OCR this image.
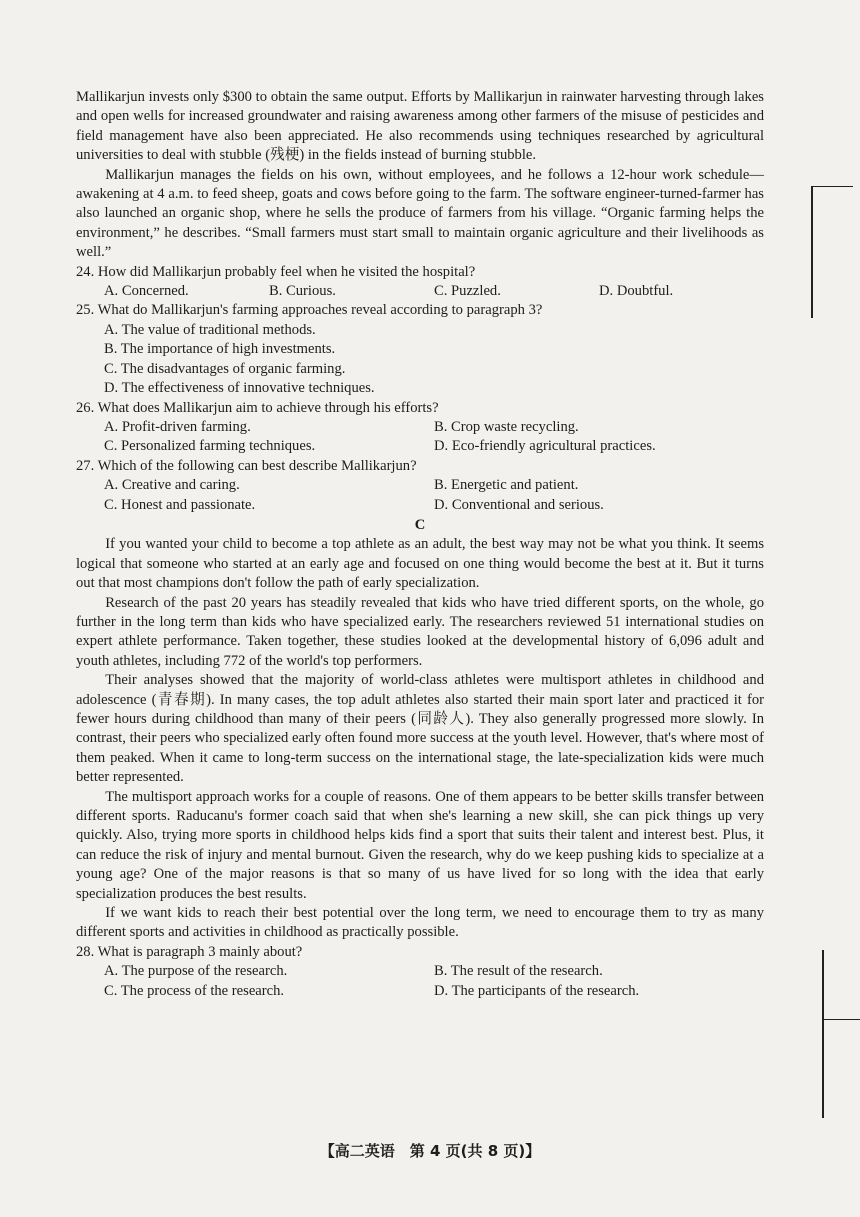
Mallikarjun invests only $300 to obtain the same output. Efforts by Mallikarjun in rainwater harvesting through lakes and open wells for increased groundwater and raising awareness among other farmers of the misuse of pesticides and field management have also been appreciated. He also recommends using techniques researched by agricultural universities to deal with stubble (残梗) in the fields instead of burning stubble.

Mallikarjun manages the fields on his own, without employees, and he follows a 12-hour work schedule—awakening at 4 a.m. to feed sheep, goats and cows before going to the farm. The software engineer-turned-farmer has also launched an organic shop, where he sells the produce of farmers from his village. “Organic farming helps the environment,” he describes. “Small farmers must start small to maintain organic agriculture and their livelihoods as well.”

24. How did Mallikarjun probably feel when he visited the hospital?
A. Concerned.	B. Curious.	C. Puzzled.	D. Doubtful.
25. What do Mallikarjun's farming approaches reveal according to paragraph 3?
A. The value of traditional methods.
B. The importance of high investments.
C. The disadvantages of organic farming.
D. The effectiveness of innovative techniques.
26. What does Mallikarjun aim to achieve through his efforts?
A. Profit-driven farming.	B. Crop waste recycling.
C. Personalized farming techniques.	D. Eco-friendly agricultural practices.
27. Which of the following can best describe Mallikarjun?
A. Creative and caring.	B. Energetic and patient.
C. Honest and passionate.	D. Conventional and serious.
C

If you wanted your child to become a top athlete as an adult, the best way may not be what you think. It seems logical that someone who started at an early age and focused on one thing would become the best at it. But it turns out that most champions don't follow the path of early specialization.

Research of the past 20 years has steadily revealed that kids who have tried different sports, on the whole, go further in the long term than kids who have specialized early. The researchers reviewed 51 international studies on expert athlete performance. Taken together, these studies looked at the developmental history of 6,096 adult and youth athletes, including 772 of the world's top performers.

Their analyses showed that the majority of world-class athletes were multisport athletes in childhood and adolescence (青春期). In many cases, the top adult athletes also started their main sport later and practiced it for fewer hours during childhood than many of their peers (同龄人). They also generally progressed more slowly. In contrast, their peers who specialized early often found more success at the youth level. However, that's where most of them peaked. When it came to long-term success on the international stage, the late-specialization kids were much better represented.

The multisport approach works for a couple of reasons. One of them appears to be better skills transfer between different sports. Raducanu's former coach said that when she's learning a new skill, she can pick things up very quickly. Also, trying more sports in childhood helps kids find a sport that suits their talent and interest best. Plus, it can reduce the risk of injury and mental burnout. Given the research, why do we keep pushing kids to specialize at a young age? One of the major reasons is that so many of us have lived for so long with the idea that early specialization produces the best results.

If we want kids to reach their best potential over the long term, we need to encourage them to try as many different sports and activities in childhood as practically possible.

28. What is paragraph 3 mainly about?
A. The purpose of the research.	B. The result of the research.
C. The process of the research.	D. The participants of the research.
【高二英语　第 4 页(共 8 页)】
